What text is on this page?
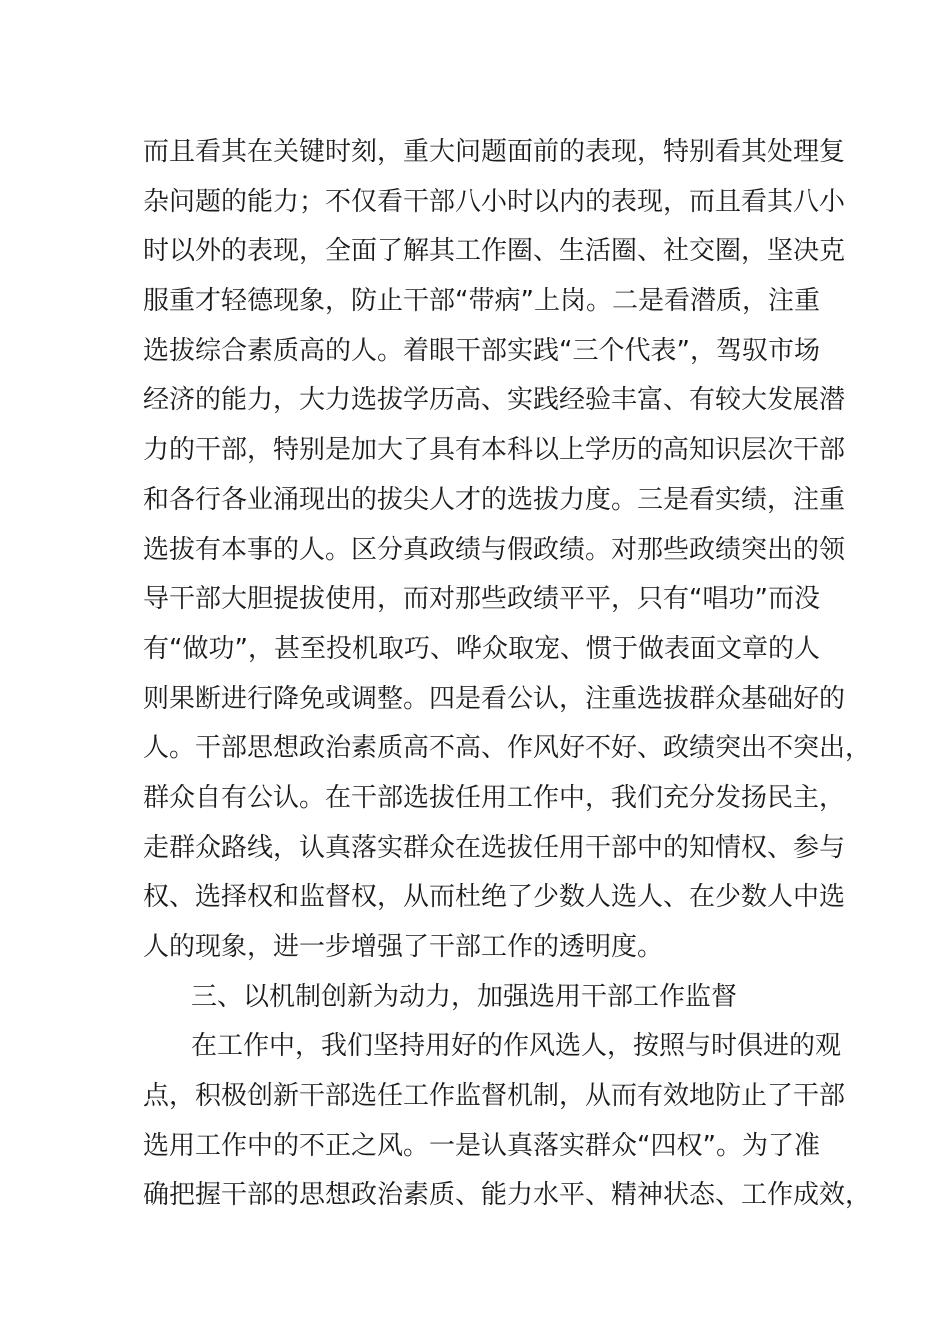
而且看其在关键时刻，重大问题面前的表现，特别看其处理复
杂问题的能力；不仅看干部八小时以内的表现，而且看其八小
时以外的表现，全面了解其工作圈、生活圈、社交圈，坚决克
服重才轻德现象，防止干部“带病”上岗。二是看潜质，注重
选拔综合素质高的人。着眼干部实践“三个代表”，驾驭市场
经济的能力，大力选拔学历高、实践经验丰富、有较大发展潜
力的干部，特别是加大了具有本科以上学历的高知识层次干部
和各行各业涌现出的拔尖人才的选拔力度。三是看实绩，注重
选拔有本事的人。区分真政绩与假政绩。对那些政绩突出的领
导干部大胆提拔使用，而对那些政绩平平，只有“唱功”而没
有“做功”，甚至投机取巧、哗众取宠、惯于做表面文章的人
则果断进行降免或调整。四是看公认，注重选拔群众基础好的
人。干部思想政治素质高不高、作风好不好、政绩突出不突出，
群众自有公认。在干部选拔任用工作中，我们充分发扬民主，
走群众路线，认真落实群众在选拔任用干部中的知情权、参与
权、选择权和监督权，从而杜绝了少数人选人、在少数人中选
人的现象，进一步增强了干部工作的透明度。
三、以机制创新为动力，加强选用干部工作监督
在工作中，我们坚持用好的作风选人，按照与时俱进的观
点，积极创新干部选任工作监督机制，从而有效地防止了干部
选用工作中的不正之风。一是认真落实群众“四权”。为了准
确把握干部的思想政治素质、能力水平、精神状态、工作成效，
